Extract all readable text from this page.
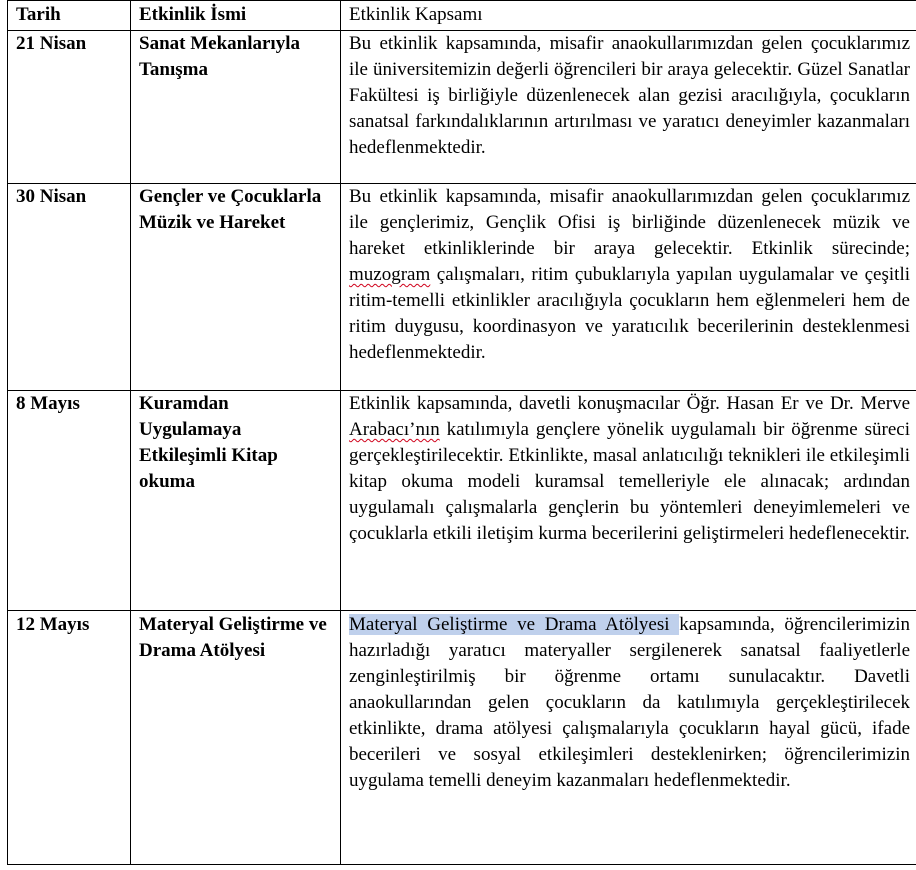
Tarih	Etkinlik İsmi	Etkinlik Kapsamı
21 Nisan	Sanat Mekanlarıyla Tanışma	Bu etkinlik kapsamında, misafir anaokullarımızdan gelen çocuklarımız ile üniversitemizin değerli öğrencileri bir araya gelecektir. Güzel Sanatlar Fakültesi iş birliğiyle düzenlenecek alan gezisi aracılığıyla, çocukların sanatsal farkındalıklarının artırılması ve yaratıcı deneyimler kazanmaları hedeflenmektedir.
30 Nisan	Gençler ve Çocuklarla Müzik ve Hareket	Bu etkinlik kapsamında, misafir anaokullarımızdan gelen çocuklarımız ile gençlerimiz, Gençlik Ofisi iş birliğinde düzenlenecek müzik ve hareket etkinliklerinde bir araya gelecektir. Etkinlik sürecinde; muzogram çalışmaları, ritim çubuklarıyla yapılan uygulamalar ve çeşitli ritim-temelli etkinlikler aracılığıyla çocukların hem eğlenmeleri hem de ritim duygusu, koordinasyon ve yaratıcılık becerilerinin desteklenmesi hedeflenmektedir.
8 Mayıs	Kuramdan Uygulamaya Etkileşimli Kitap okuma	Etkinlik kapsamında, davetli konuşmacılar Öğr. Hasan Er ve Dr. Merve Arabacı’nın katılımıyla gençlere yönelik uygulamalı bir öğrenme süreci gerçekleştirilecektir. Etkinlikte, masal anlatıcılığı teknikleri ile etkileşimli kitap okuma modeli kuramsal temelleriyle ele alınacak; ardından uygulamalı çalışmalarla gençlerin bu yöntemleri deneyimlemeleri ve çocuklarla etkili iletişim kurma becerilerini geliştirmeleri hedeflenecektir.
12 Mayıs	Materyal Geliştirme ve Drama Atölyesi	Materyal Geliştirme ve Drama Atölyesi kapsamında, öğrencilerimizin hazırladığı yaratıcı materyaller sergilenerek sanatsal faaliyetlerle zenginleştirilmiş bir öğrenme ortamı sunulacaktır. Davetli anaokullarından gelen çocukların da katılımıyla gerçekleştirilecek etkinlikte, drama atölyesi çalışmalarıyla çocukların hayal gücü, ifade becerileri ve sosyal etkileşimleri desteklenirken; öğrencilerimizin uygulama temelli deneyim kazanmaları hedeflenmektedir.
